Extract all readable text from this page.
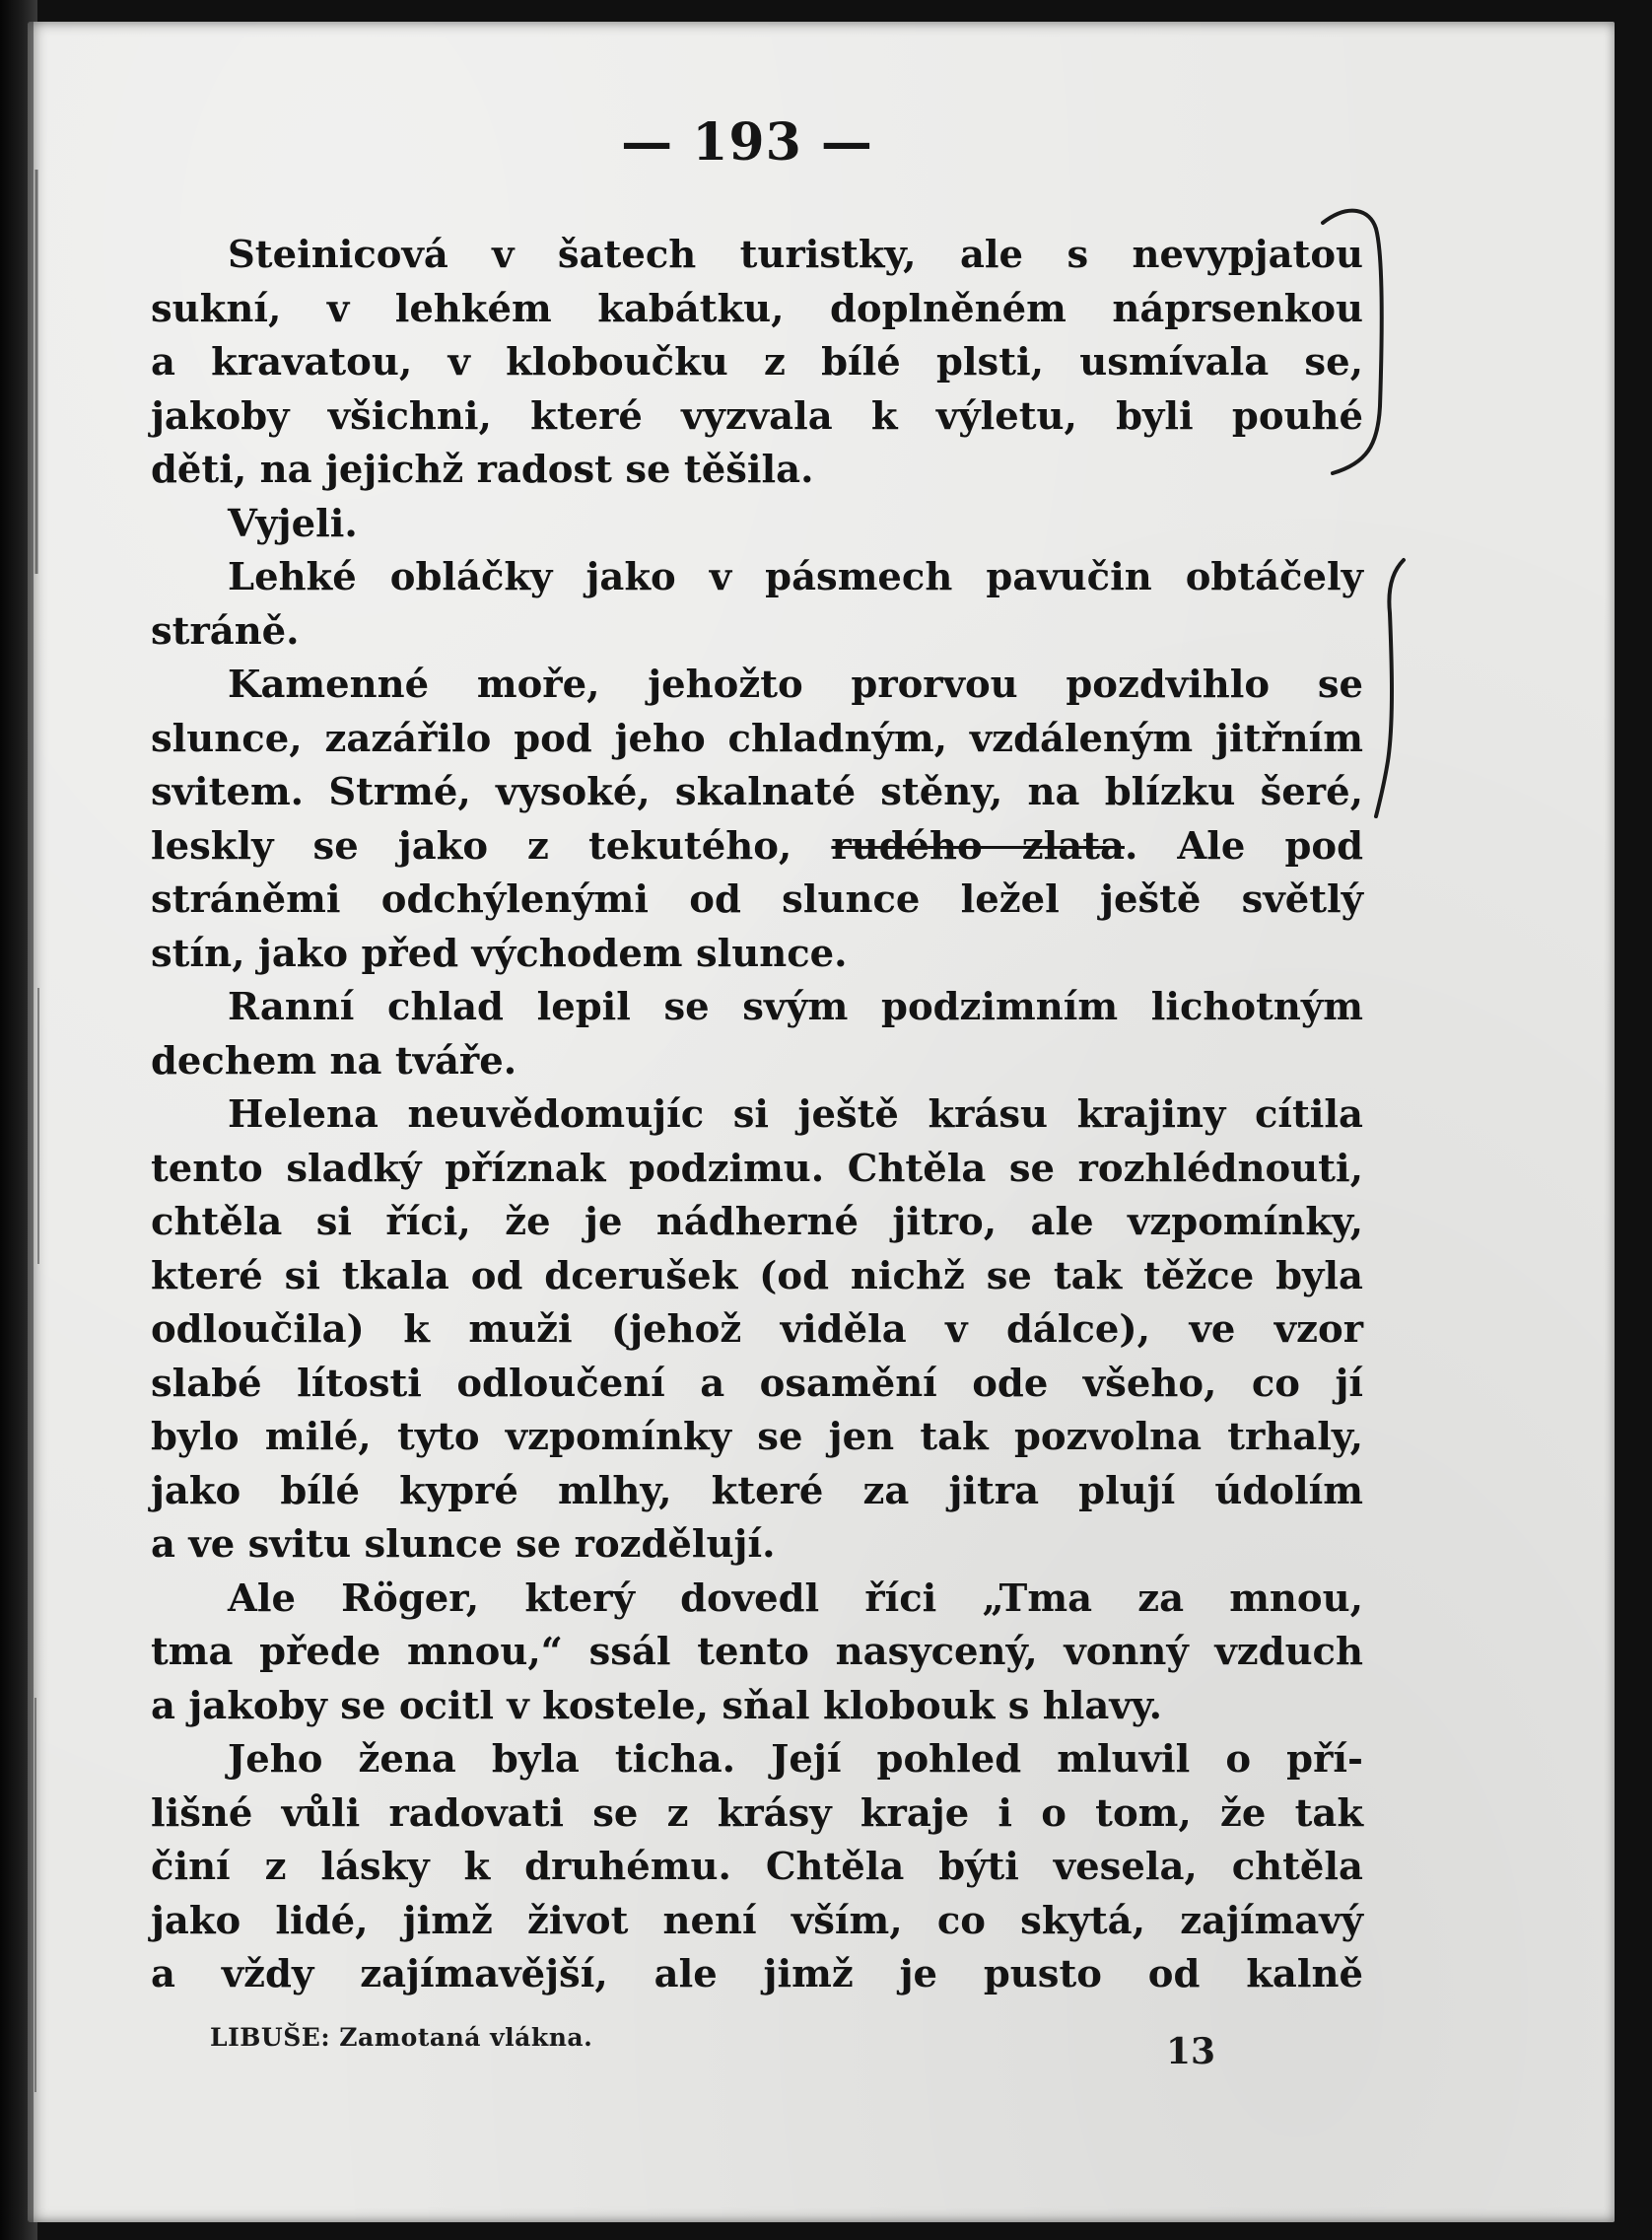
— 193 —
Steinicová v šatech turistky, ale s nevypjatou
sukní, v lehkém kabátku, doplněném náprsenkou
a kravatou, v kloboučku z bílé plsti, usmívala se,
jakoby všichni, které vyzvala k výletu, byli pouhé
děti, na jejichž radost se těšila.
Vyjeli.
Lehké obláčky jako v pásmech pavučin obtáčely
stráně.
Kamenné moře, jehožto prorvou pozdvihlo se
slunce, zazářilo pod jeho chladným, vzdáleným jitřním
svitem. Strmé, vysoké, skalnaté stěny, na blízku šeré,
leskly se jako z tekutého, rudého zlata. Ale pod
stráněmi odchýlenými od slunce ležel ještě světlý
stín, jako před východem slunce.
Ranní chlad lepil se svým podzimním lichotným
dechem na tváře.
Helena neuvědomujíc si ještě krásu krajiny cítila
tento sladký příznak podzimu. Chtěla se rozhlédnouti,
chtěla si říci, že je nádherné jitro, ale vzpomínky,
které si tkala od dcerušek (od nichž se tak těžce byla
odloučila) k muži (jehož viděla v dálce), ve vzor
slabé lítosti odloučení a osamění ode všeho, co jí
bylo milé, tyto vzpomínky se jen tak pozvolna trhaly,
jako bílé kypré mlhy, které za jitra plují údolím
a ve svitu slunce se rozdělují.
Ale Röger, který dovedl říci „Tma za mnou,
tma přede mnou,“ ssál tento nasycený, vonný vzduch
a jakoby se ocitl v kostele, sňal klobouk s hlavy.
Jeho žena byla ticha. Její pohled mluvil o pří-
lišné vůli radovati se z krásy kraje i o tom, že tak
činí z lásky k druhému. Chtěla býti vesela, chtěla
jako lidé, jimž život není vším, co skytá, zajímavý
a vždy zajímavější, ale jimž je pusto od kalně
LIBUŠE: Zamotaná vlákna.	13
